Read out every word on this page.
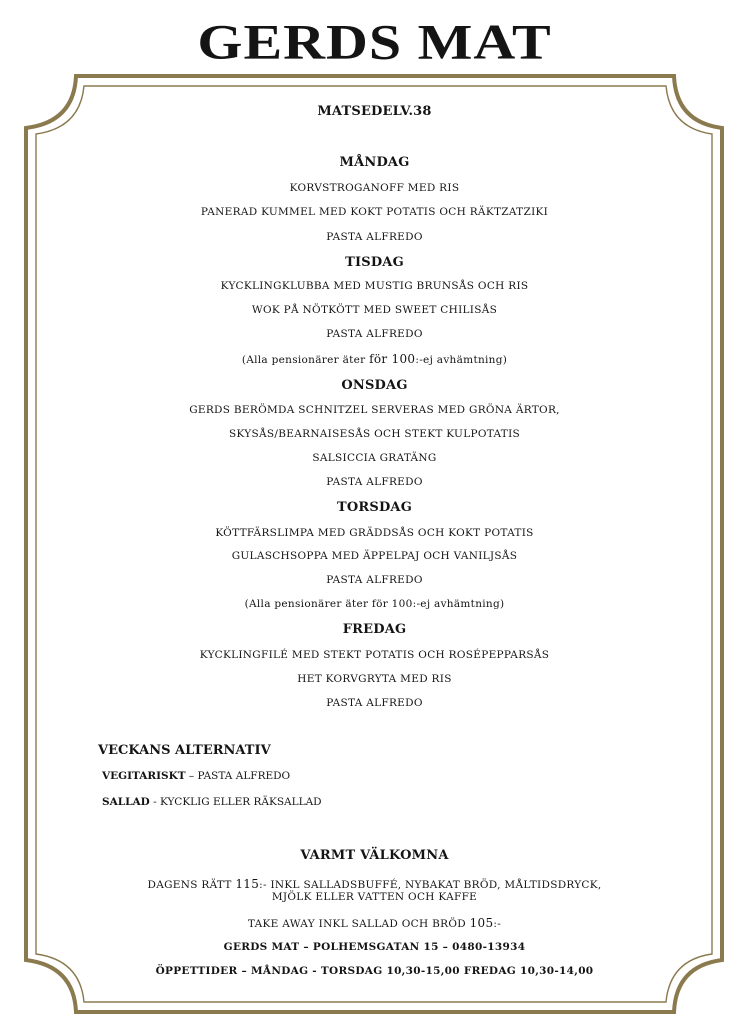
GERDS MAT
MATSEDELV.38
MÅNDAG
KORVSTROGANOFF MED RIS
PANERAD KUMMEL MED KOKT POTATIS OCH RÄKTZATZIKI
PASTA ALFREDO
TISDAG
KYCKLINGKLUBBA MED MUSTIG BRUNSÅS OCH RIS
WOK PÅ NÖTKÖTT MED SWEET CHILISÅS
PASTA ALFREDO
(Alla pensionärer äter för 100:-ej avhämtning)
ONSDAG
GERDS BERÖMDA SCHNITZEL SERVERAS MED GRÖNA ÄRTOR,
SKYSÅS/BEARNAISESÅS OCH STEKT KULPOTATIS
SALSICCIA GRATÄNG
PASTA ALFREDO
TORSDAG
KÖTTFÄRSLIMPA MED GRÄDDSÅS OCH KOKT POTATIS
GULASCHSOPPA MED ÄPPELPAJ OCH VANILJSÅS
PASTA ALFREDO
(Alla pensionärer äter för 100:-ej avhämtning)
FREDAG
KYCKLINGFILÉ MED STEKT POTATIS OCH ROSÉPEPPARSÅS
HET KORVGRYTA MED RIS
PASTA ALFREDO
VECKANS ALTERNATIV
VEGITARISKT – PASTA ALFREDO
SALLAD - KYCKLIG ELLER RÄKSALLAD
VARMT VÄLKOMNA
DAGENS RÄTT 115:- INKL SALLADSBUFFÉ, NYBAKAT BRÖD, MÅLTIDSDRYCK,
MJÖLK ELLER VATTEN OCH KAFFE
TAKE AWAY INKL SALLAD OCH BRÖD 105:-
GERDS MAT – POLHEMSGATAN 15 – 0480-13934
ÖPPETTIDER – MÅNDAG - TORSDAG 10,30-15,00 FREDAG 10,30-14,00
